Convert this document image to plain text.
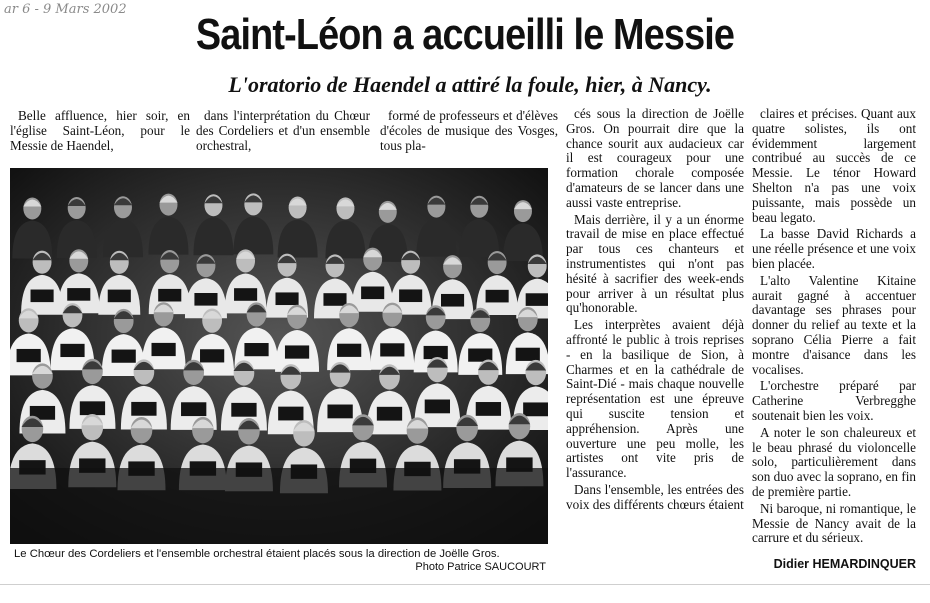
ar 6 - 9 Mars 2002
Saint-Léon a accueilli le Messie
L'oratorio de Haendel a attiré la foule, hier, à Nancy.

Belle affluence, hier soir, en l'église Saint-Léon, pour le Messie de Haendel,

dans l'interprétation du Chœur des Cordeliers et d'un ensemble orchestral,

formé de professeurs et d'élèves d'écoles de musique des Vosges, tous pla-

cés sous la direction de Joëlle Gros. On pourrait dire que la chance sourit aux audacieux car il est courageux pour une formation chorale composée d'amateurs de se lancer dans une aussi vaste entreprise.

Mais derrière, il y a un énorme travail de mise en place effectué par tous ces chanteurs et instrumentistes qui n'ont pas hésité à sacrifier des week-ends pour arriver à un résultat plus qu'honorable.

Les interprètes avaient déjà affronté le public à trois reprises - en la basilique de Sion, à Charmes et en la cathédrale de Saint-Dié - mais chaque nouvelle représentation est une épreuve qui suscite tension et appréhension. Après une ouverture une peu molle, les artistes ont vite pris de l'assurance.

Dans l'ensemble, les entrées des voix des différents chœurs étaient

claires et précises. Quant aux quatre solistes, ils ont évidemment largement contribué au succès de ce Messie. Le ténor Howard Shelton n'a pas une voix puissante, mais possède un beau legato.

La basse David Richards a une réelle présence et une voix bien placée.

L'alto Valentine Kitaine aurait gagné à accentuer davantage ses phrases pour donner du relief au texte et la soprano Célia Pierre a fait montre d'aisance dans les vocalises.

L'orchestre préparé par Catherine Verbregghe soutenait bien les voix.

A noter le son chaleureux et le beau phrasé du violoncelle solo, particulièrement dans son duo avec la soprano, en fin de première partie.

Ni baroque, ni romantique, le Messie de Nancy avait de la carrure et du sérieux.

Le Chœur des Cordeliers et l'ensemble orchestral étaient placés sous la direction de Joëlle Gros.
Photo Patrice SAUCOURT	Didier HEMARDINQUER
